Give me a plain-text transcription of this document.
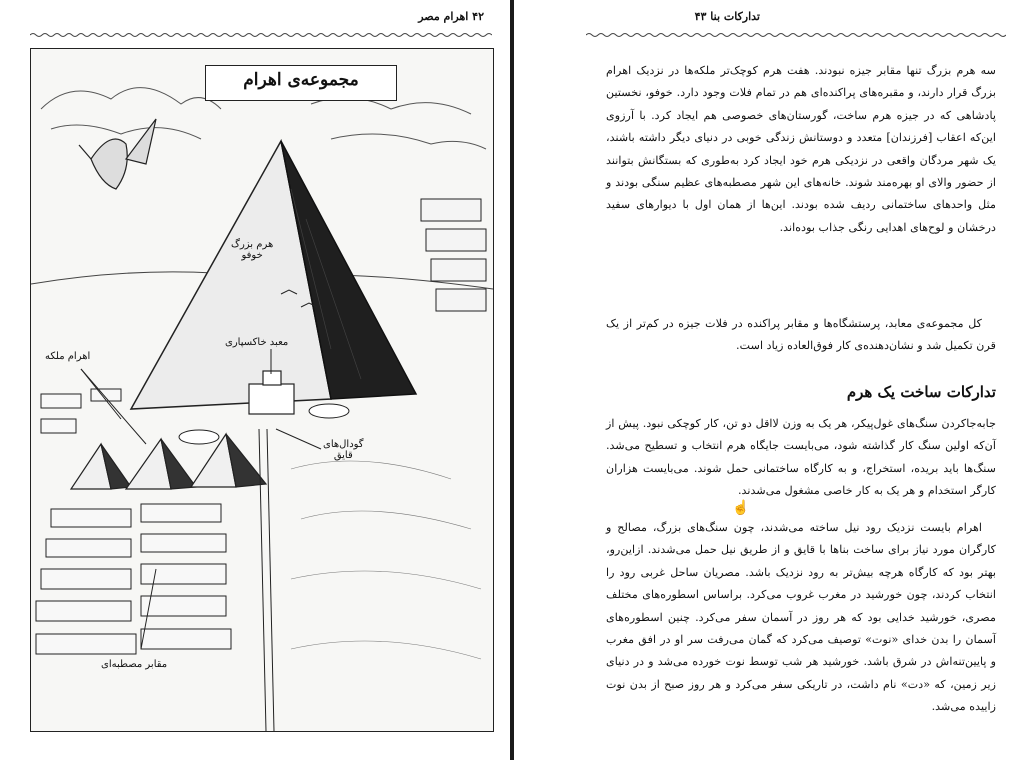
۴۲ اهرام مصر
مجموعه‌ی اهرام
هرم بزرگ
خوفو
معبد خاکسپاری
اهرام ملکه
گودال‌های
قایق
مقابر مصطبه‌ای
تدارکات بنا ۴۳
سه هرم بزرگ تنها مقابر جیزه نبودند. هفت هرم کوچک‌تر ملکه‌ها در نزدیک اهرام بزرگ قرار دارند، و مقبره‌های پراکنده‌ای هم در تمام فلات وجود دارد. خوفو، نخستین پادشاهی که در جیزه هرم ساخت، گورستان‌های خصوصی هم ایجاد کرد. با آرزوی این‌که اعقاب [فرزندان] متعدد و دوستانش زندگی خوبی در دنیای دیگر داشته باشند، یک شهر مردگان واقعی در نزدیکی هرم خود ایجاد کرد به‌طوری که بستگانش بتوانند از حضور والای او بهره‌مند شوند. خانه‌های این شهر مصطبه‌های عظیم سنگی بودند و مثل واحدهای ساختمانی ردیف شده بودند. این‌ها از همان اول با دیوارهای سفید درخشان و لوح‌های اهدایی رنگی جذاب بوده‌اند.
کل مجموعه‌ی معابد، پرستشگاه‌ها و مقابر پراکنده در فلات جیزه در کم‌تر از یک قرن تکمیل شد و نشان‌دهنده‌ی کار فوق‌العاده زیاد است.
تدارکات ساخت یک هرم
جابه‌جاکردن سنگ‌های غول‌پیکر، هر یک به وزن لااقل دو تن، کار کوچکی نبود. پیش از آن‌که اولین سنگ کار گذاشته شود، می‌بایست جایگاه هرم انتخاب و تسطیح می‌شد. سنگ‌ها باید بریده، استخراج، و به کارگاه ساختمانی حمل شوند. می‌بایست هزاران کارگر استخدام و هر یک به کار خاصی مشغول می‌شدند.
اهرام بایست نزدیک رود نیل ساخته می‌شدند، چون سنگ‌های بزرگ، مصالح و کارگران مورد نیاز برای ساخت بناها با قایق و از طریق نیل حمل می‌شدند. ازاین‌رو، بهتر بود که کارگاه هرچه بیش‌تر به رود نزدیک باشد. مصریان ساحل غربی رود را انتخاب کردند، چون خورشید در مغرب غروب می‌کرد. براساس اسطوره‌های مختلف مصری، خورشید خدایی بود که هر روز در آسمان سفر می‌کرد. چنین اسطوره‌های آسمان را بدن خدای «نوت» توصیف می‌کرد که گمان می‌رفت سر او در افق مغرب و پایین‌تنه‌اش در شرق باشد. خورشید هر شب توسط نوت خورده می‌شد و در دنیای زیر زمین، که «دت» نام داشت، در تاریکی سفر می‌کرد و هر روز صبح از بدن نوت زاییده می‌شد.
☝
